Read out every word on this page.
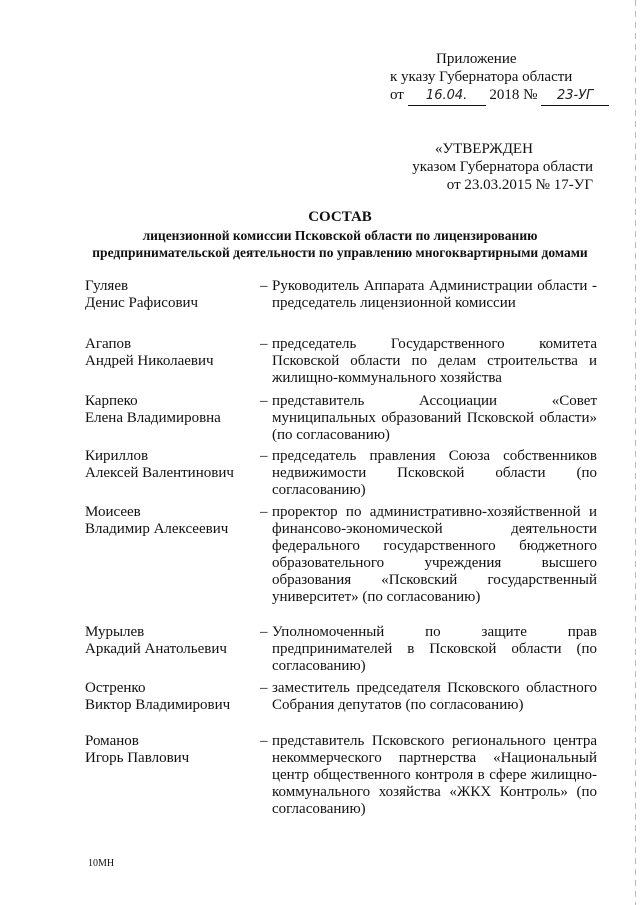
Приложение
к указу Губернатора области
от 16.04. 2018 № 23-УГ
«УТВЕРЖДЕН
указом Губернатора области
от 23.03.2015 № 17-УГ
СОСТАВ
лицензионной комиссии Псковской области по лицензированию предпринимательской деятельности по управлению многоквартирными домами
Гуляев
Денис Рафисович
– Руководитель Аппарата Администрации области - председатель лицензионной комиссии
Агапов
Андрей Николаевич
– председатель Государственного комитета Псковской области по делам строительства и жилищно-коммунального хозяйства
Карпеко
Елена Владимировна
– представитель Ассоциации «Совет муниципальных образований Псковской области» (по согласованию)
Кириллов
Алексей Валентинович
– председатель правления Союза собственников недвижимости Псковской области (по согласованию)
Моисеев
Владимир Алексеевич
– проректор по административно-хозяйственной и финансово-экономической деятельности федерального государственного бюджетного образовательного учреждения высшего образования «Псковский государственный университет» (по согласованию)
Мурылев
Аркадий Анатольевич
– Уполномоченный по защите прав предпринимателей в Псковской области (по согласованию)
Остренко
Виктор Владимирович
– заместитель председателя Псковского областного Собрания депутатов (по согласованию)
Романов
Игорь Павлович
– представитель Псковского регионального центра некоммерческого партнерства «Национальный центр общественного контроля в сфере жилищно-коммунального хозяйства «ЖКХ Контроль» (по согласованию)
10МН
